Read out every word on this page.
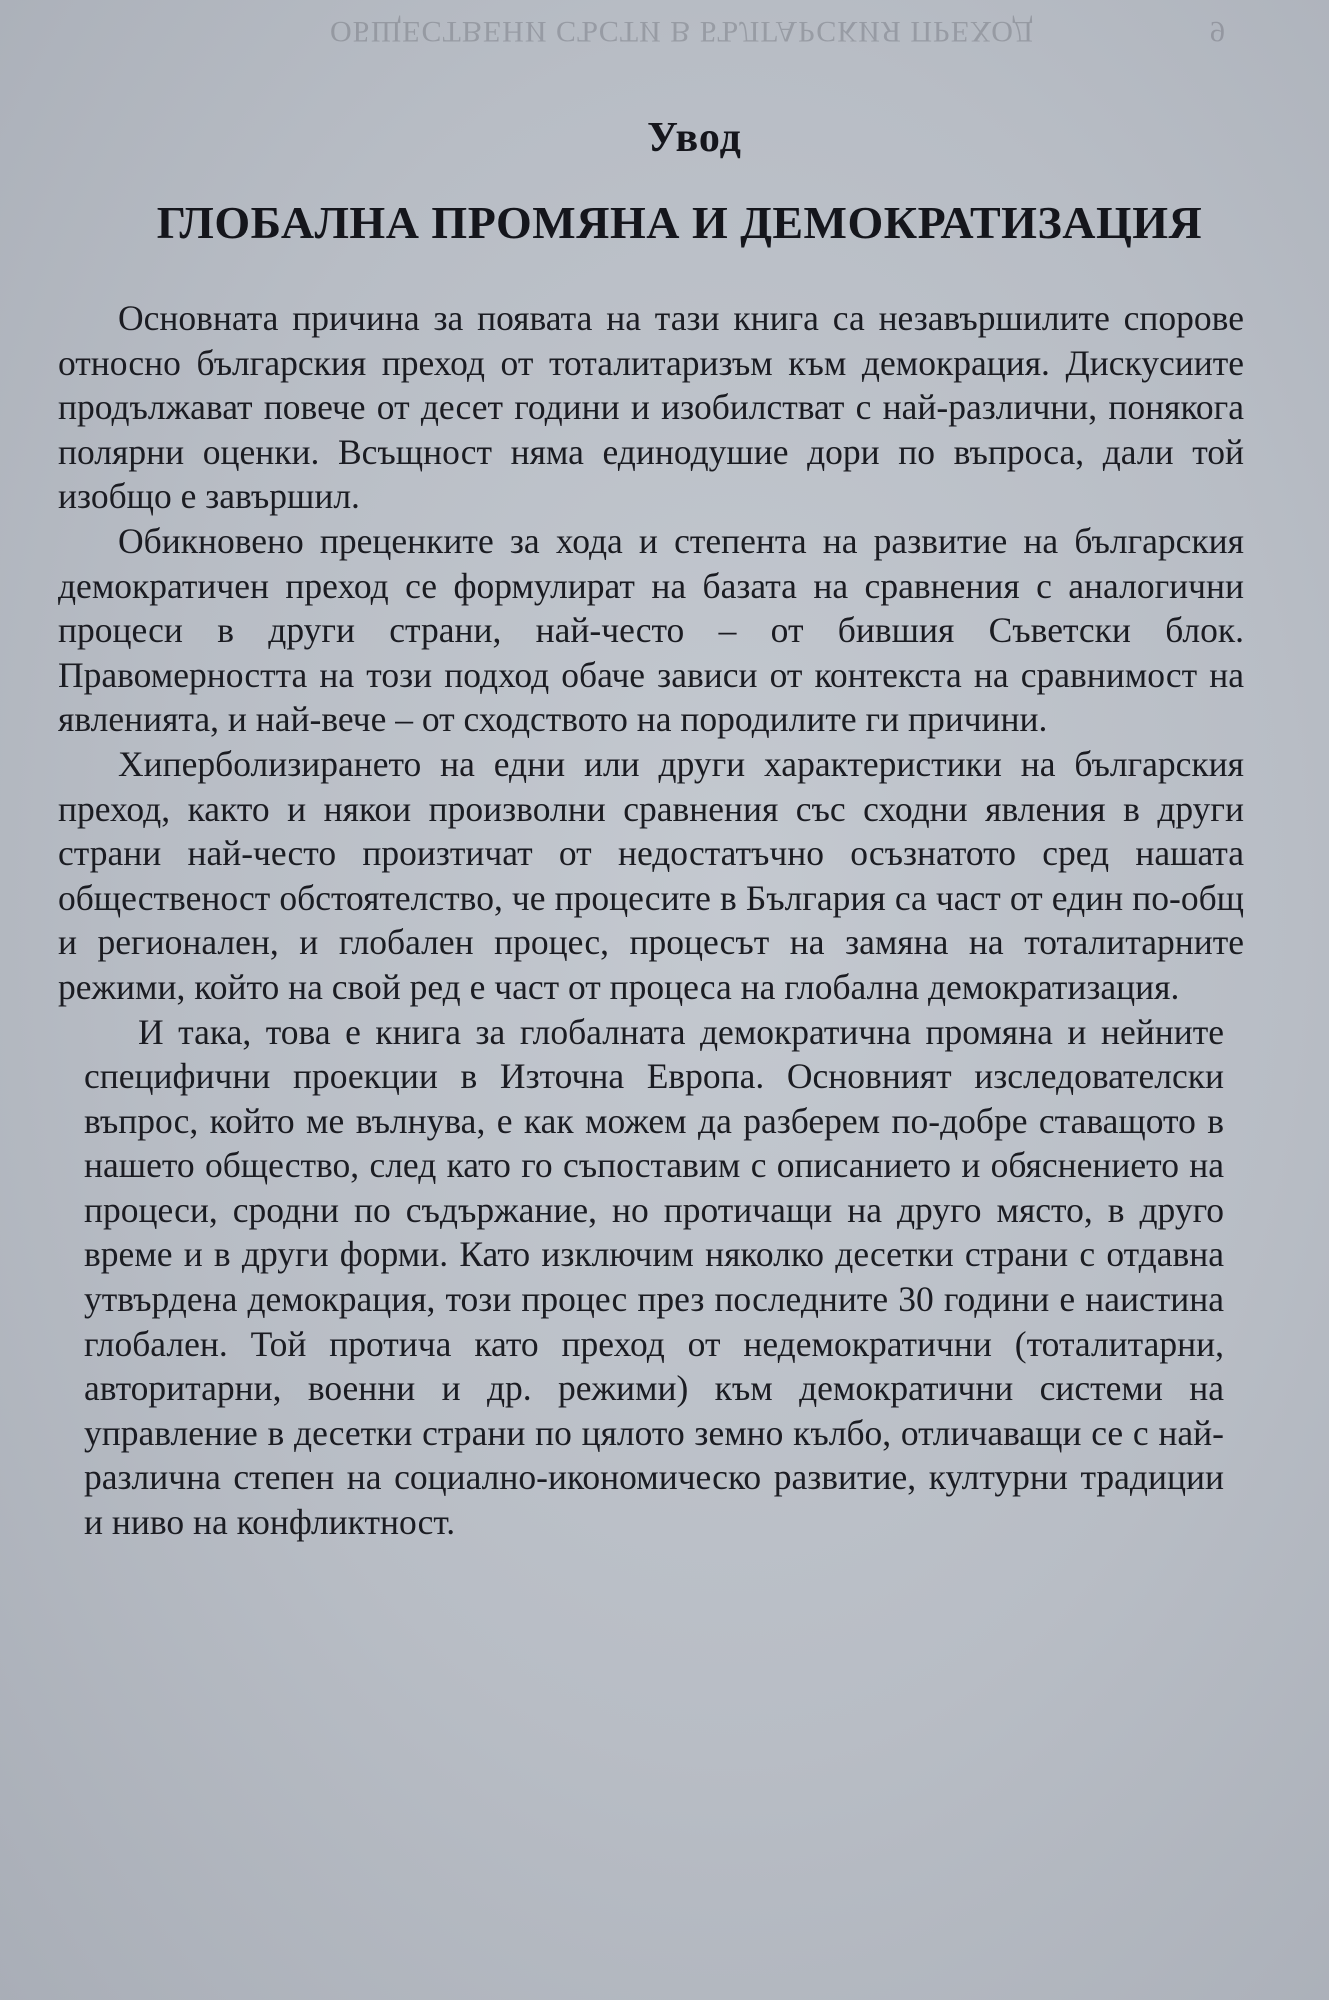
ОБЩЕСТВЕНИ СЪСТИ В БЪЛГАРСКИЯ ПРЕХОД	9
Увод
ГЛОБАЛНА ПРОМЯНА И ДЕМОКРАТИЗАЦИЯ

Основната причина за появата на тази книга са незавършилите спорове относно българския преход от тоталитаризъм към демокрация. Дискусиите продължават повече от десет години и изобилстват с най-различни, понякога полярни оценки. Всъщност няма единодушие дори по въпроса, дали той изобщо е завършил.

Обикновено преценките за хода и степента на развитие на българския демократичен преход се формулират на базата на сравнения с аналогични процеси в други страни, най-често – от бившия Съветски блок. Правомерността на този подход обаче зависи от контекста на сравнимост на явленията, и най-вече – от сходството на породилите ги причини.

Хиперболизирането на едни или други характеристики на българския преход, както и някои произволни сравнения със сходни явления в други страни най-често произтичат от недостатъчно осъзнатото сред нашата общественост обстоятелство, че процесите в България са част от един по-общ и регионален, и глобален процес, процесът на замяна на тоталитарните режими, който на свой ред е част от процеса на глобална демократизация.

И така, това е книга за глобалната демократична промяна и нейните специфични проекции в Източна Европа. Основният изследователски въпрос, който ме вълнува, е как можем да разберем по-добре ставащото в нашето общество, след като го съпоставим с описанието и обяснението на процеси, сродни по съдържание, но протичащи на друго място, в друго време и в други форми. Като изключим няколко десетки страни с отдавна утвърдена демокрация, този процес през последните 30 години е наистина глобален. Той протича като преход от недемократични (тоталитарни, авторитарни, военни и др. режими) към демократични системи на управление в десетки страни по цялото земно кълбо, отличаващи се с най-различна степен на социално-икономическо развитие, културни традиции и ниво на конфликтност.
